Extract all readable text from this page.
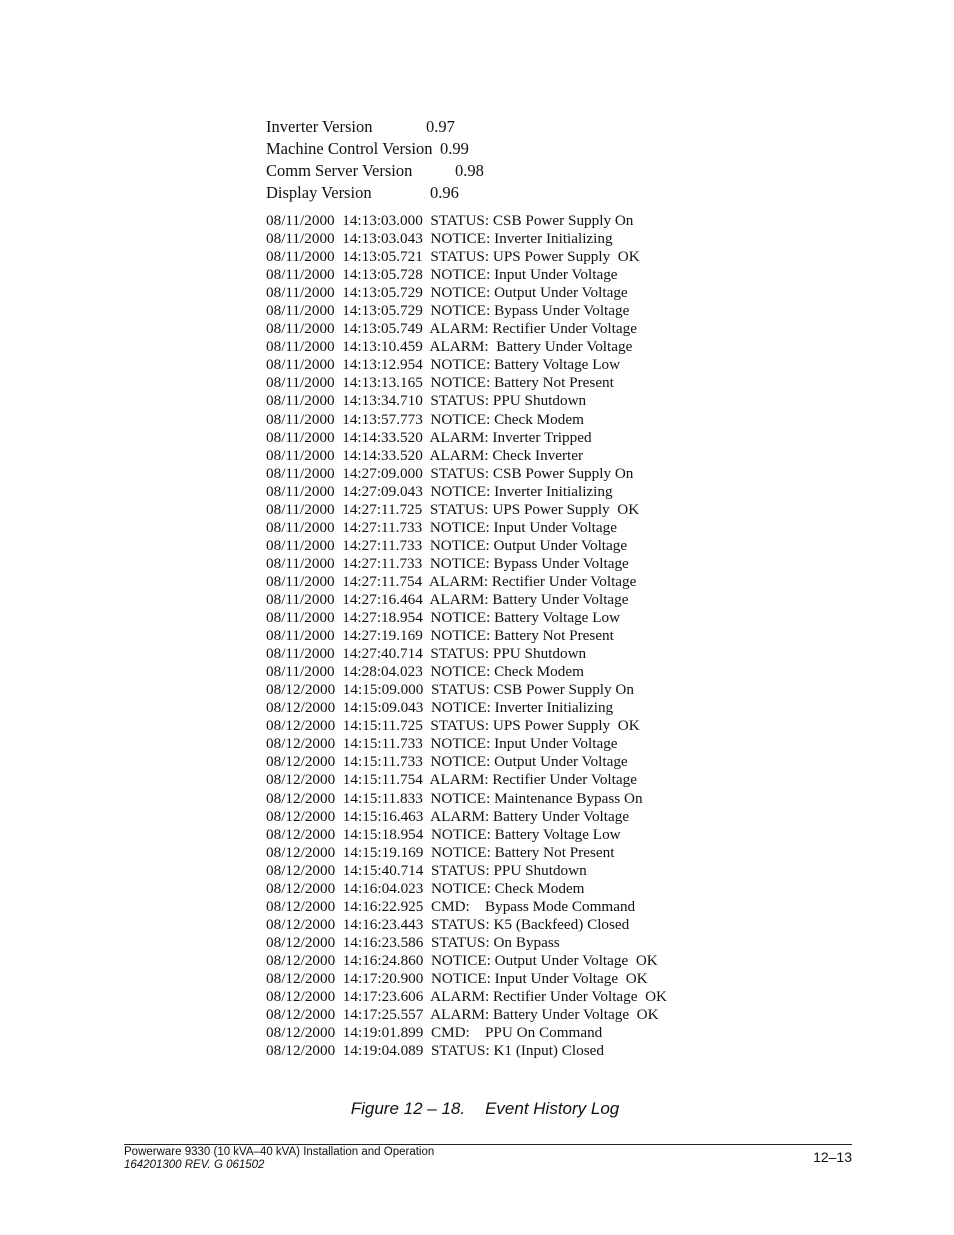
Inverter Version	0.97
Machine Control Version 0.99
Comm Server Version	0.98
Display Version	0.96
08/11/2000  14:13:03.000  STATUS: CSB Power Supply On
08/11/2000  14:13:03.043  NOTICE: Inverter Initializing
08/11/2000  14:13:05.721  STATUS: UPS Power Supply  OK
08/11/2000  14:13:05.728  NOTICE: Input Under Voltage
08/11/2000  14:13:05.729  NOTICE: Output Under Voltage
08/11/2000  14:13:05.729  NOTICE: Bypass Under Voltage
08/11/2000  14:13:05.749  ALARM: Rectifier Under Voltage
08/11/2000  14:13:10.459  ALARM:  Battery Under Voltage
08/11/2000  14:13:12.954  NOTICE: Battery Voltage Low
08/11/2000  14:13:13.165  NOTICE: Battery Not Present
08/11/2000  14:13:34.710  STATUS: PPU Shutdown
08/11/2000  14:13:57.773  NOTICE: Check Modem
08/11/2000  14:14:33.520  ALARM: Inverter Tripped
08/11/2000  14:14:33.520  ALARM: Check Inverter
08/11/2000  14:27:09.000  STATUS: CSB Power Supply On
08/11/2000  14:27:09.043  NOTICE: Inverter Initializing
08/11/2000  14:27:11.725  STATUS: UPS Power Supply  OK
08/11/2000  14:27:11.733  NOTICE: Input Under Voltage
08/11/2000  14:27:11.733  NOTICE: Output Under Voltage
08/11/2000  14:27:11.733  NOTICE: Bypass Under Voltage
08/11/2000  14:27:11.754  ALARM: Rectifier Under Voltage
08/11/2000  14:27:16.464  ALARM: Battery Under Voltage
08/11/2000  14:27:18.954  NOTICE: Battery Voltage Low
08/11/2000  14:27:19.169  NOTICE: Battery Not Present
08/11/2000  14:27:40.714  STATUS: PPU Shutdown
08/11/2000  14:28:04.023  NOTICE: Check Modem
08/12/2000  14:15:09.000  STATUS: CSB Power Supply On
08/12/2000  14:15:09.043  NOTICE: Inverter Initializing
08/12/2000  14:15:11.725  STATUS: UPS Power Supply  OK
08/12/2000  14:15:11.733  NOTICE: Input Under Voltage
08/12/2000  14:15:11.733  NOTICE: Output Under Voltage
08/12/2000  14:15:11.754  ALARM: Rectifier Under Voltage
08/12/2000  14:15:11.833  NOTICE: Maintenance Bypass On
08/12/2000  14:15:16.463  ALARM: Battery Under Voltage
08/12/2000  14:15:18.954  NOTICE: Battery Voltage Low
08/12/2000  14:15:19.169  NOTICE: Battery Not Present
08/12/2000  14:15:40.714  STATUS: PPU Shutdown
08/12/2000  14:16:04.023  NOTICE: Check Modem
08/12/2000  14:16:22.925  CMD:    Bypass Mode Command
08/12/2000  14:16:23.443  STATUS: K5 (Backfeed) Closed
08/12/2000  14:16:23.586  STATUS: On Bypass
08/12/2000  14:16:24.860  NOTICE: Output Under Voltage  OK
08/12/2000  14:17:20.900  NOTICE: Input Under Voltage  OK
08/12/2000  14:17:23.606  ALARM: Rectifier Under Voltage  OK
08/12/2000  14:17:25.557  ALARM: Battery Under Voltage  OK
08/12/2000  14:19:01.899  CMD:    PPU On Command
08/12/2000  14:19:04.089  STATUS: K1 (Input) Closed
Figure 12 – 18. Event History Log
Powerware 9330 (10 kVA–40 kVA) Installation and Operation
164201300 REV. G 061502	12–13
